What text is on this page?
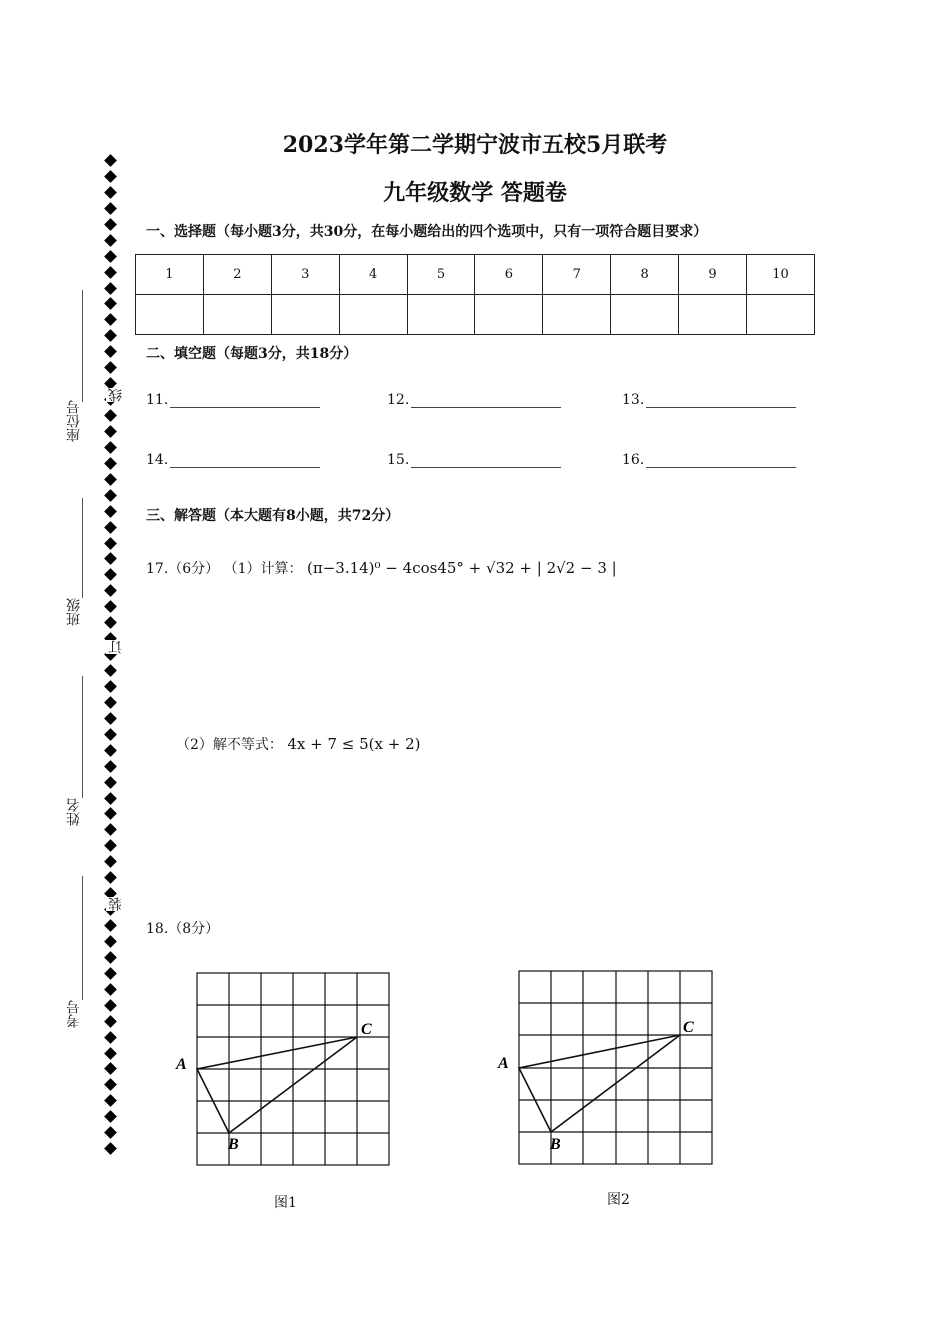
2023学年第二学期宁波市五校5月联考
九年级数学 答题卷
线
订
装
座位号
班级
姓名
考号
一、选择题（每小题3分，共30分，在每小题给出的四个选项中，只有一项符合题目要求）
1	2	3	4	5	6	7	8	9	10

二、填空题（每题3分，共18分）
11.	12.	13.
14.	15.	16.
三、解答题（本大题有8小题，共72分）
17.（6分） （1）计算： (π−3.14)⁰ − 4cos45° + √32 + | 2√2 − 3 |
（2）解不等式： 4x + 7 ≤ 5(x + 2)
18.（8分）
A
B
C
图1
A
B
C
图2
